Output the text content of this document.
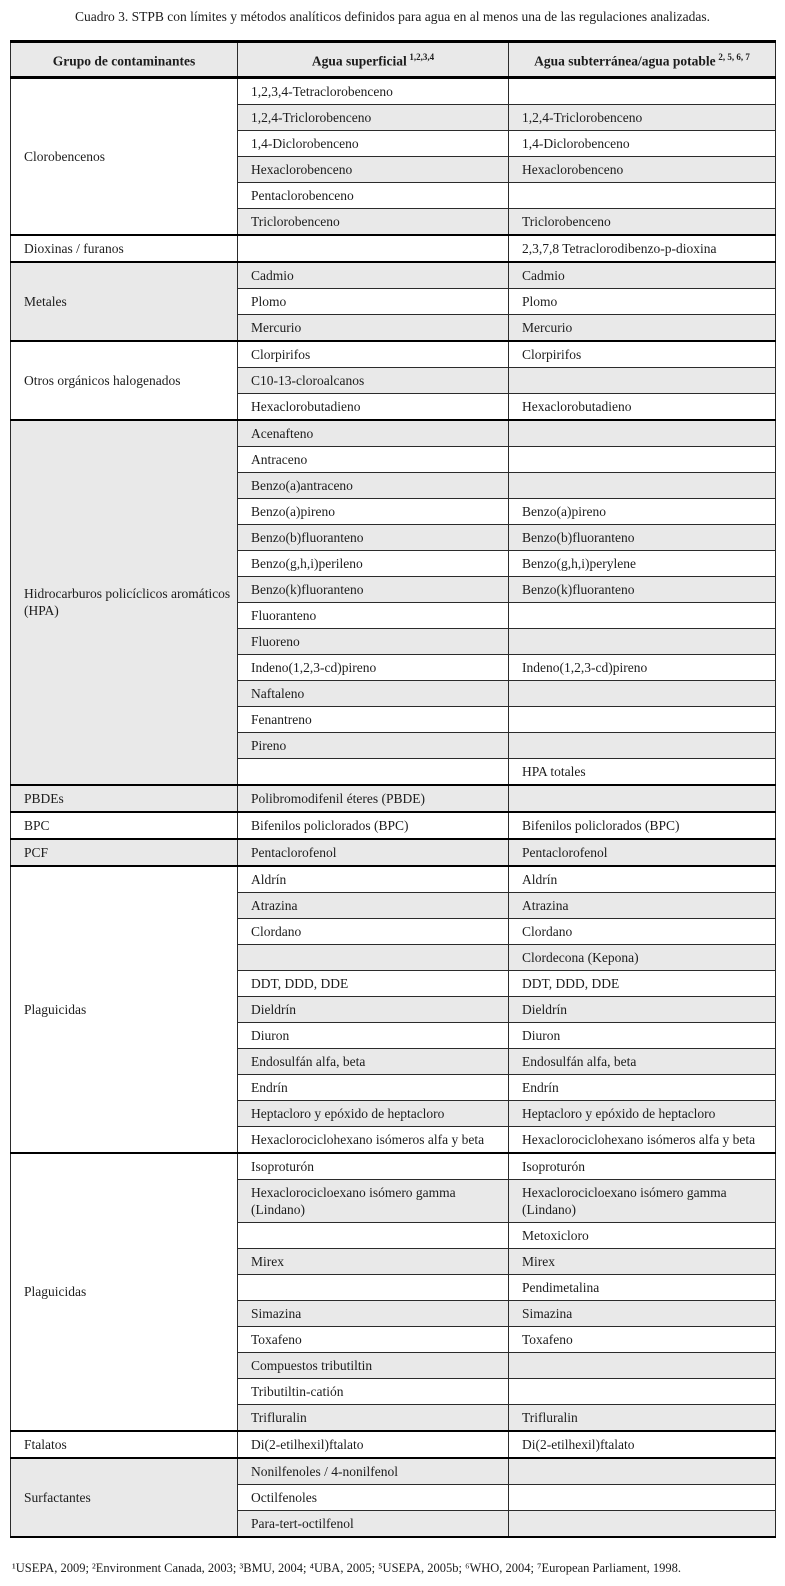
Cuadro 3. STPB con límites y métodos analíticos definidos para agua en al menos una de las regulaciones analizadas.
Grupo de contaminantes	Agua superficial  $^{1,2,3,4}$	Agua subterránea/agua potable  $^{2, 5, 6, 7}$
Clorobencenos	1,2,3,4-Tetraclorobenceno	
	1,2,4-Triclorobenceno	1,2,4-Triclorobenceno
	1,4-Diclorobenceno	1,4-Diclorobenceno
	Hexaclorobenceno	Hexaclorobenceno
	Pentaclorobenceno	
	Triclorobenceno	Triclorobenceno
Dioxinas / furanos		2,3,7,8 Tetraclorodibenzo-p-dioxina
Metales	Cadmio	Cadmio
	Plomo	Plomo
	Mercurio	Mercurio
Otros orgánicos halogenados	Clorpirifos	Clorpirifos
	C10-13-cloroalcanos	
	Hexaclorobutadieno	Hexaclorobutadieno
Hidrocarburos policíclicos aromáticos (HPA)	Acenafteno	
	Antraceno	
	Benzo(a)antraceno	
	Benzo(a)pireno	Benzo(a)pireno
	Benzo(b)fluoranteno	Benzo(b)fluoranteno
	Benzo(g,h,i)perileno	Benzo(g,h,i)perylene
	Benzo(k)fluoranteno	Benzo(k)fluoranteno
	Fluoranteno	
	Fluoreno	
	Indeno(1,2,3-cd)pireno	Indeno(1,2,3-cd)pireno
	Naftaleno	
	Fenantreno	
	Pireno	
		HPA totales
PBDEs	Polibromodifenil éteres (PBDE)	
BPC	Bifenilos policlorados (BPC)	Bifenilos policlorados (BPC)
PCF	Pentaclorofenol	Pentaclorofenol
Plaguicidas	Aldrín	Aldrín
	Atrazina	Atrazina
	Clordano	Clordano
		Clordecona (Kepona)
	DDT, DDD, DDE	DDT, DDD, DDE
	Dieldrín	Dieldrín
	Diuron	Diuron
	Endosulfán alfa, beta	Endosulfán alfa, beta
	Endrín	Endrín
	Heptacloro y epóxido de heptacloro	Heptacloro y epóxido de heptacloro
	Hexaclorociclohexano isómeros alfa y beta	Hexaclorociclohexano isómeros alfa y beta
Plaguicidas	Isoproturón	Isoproturón
	Hexaclorocicloexano isómero gamma (Lindano)	Hexaclorocicloexano isómero gamma (Lindano)
		Metoxicloro
	Mirex	Mirex
		Pendimetalina
	Simazina	Simazina
	Toxafeno	Toxafeno
	Compuestos tributiltin	
	Tributiltin-catión	
	Trifluralin	Trifluralin
Ftalatos	Di(2-etilhexil)ftalato	Di(2-etilhexil)ftalato
Surfactantes	Nonilfenoles / 4-nonilfenol	
	Octilfenoles	
	Para-tert-octilfenol	
¹USEPA, 2009; ²Environment Canada, 2003; ³BMU, 2004; ⁴UBA, 2005; ⁵USEPA, 2005b; ⁶WHO, 2004; ⁷European Parliament, 1998.
